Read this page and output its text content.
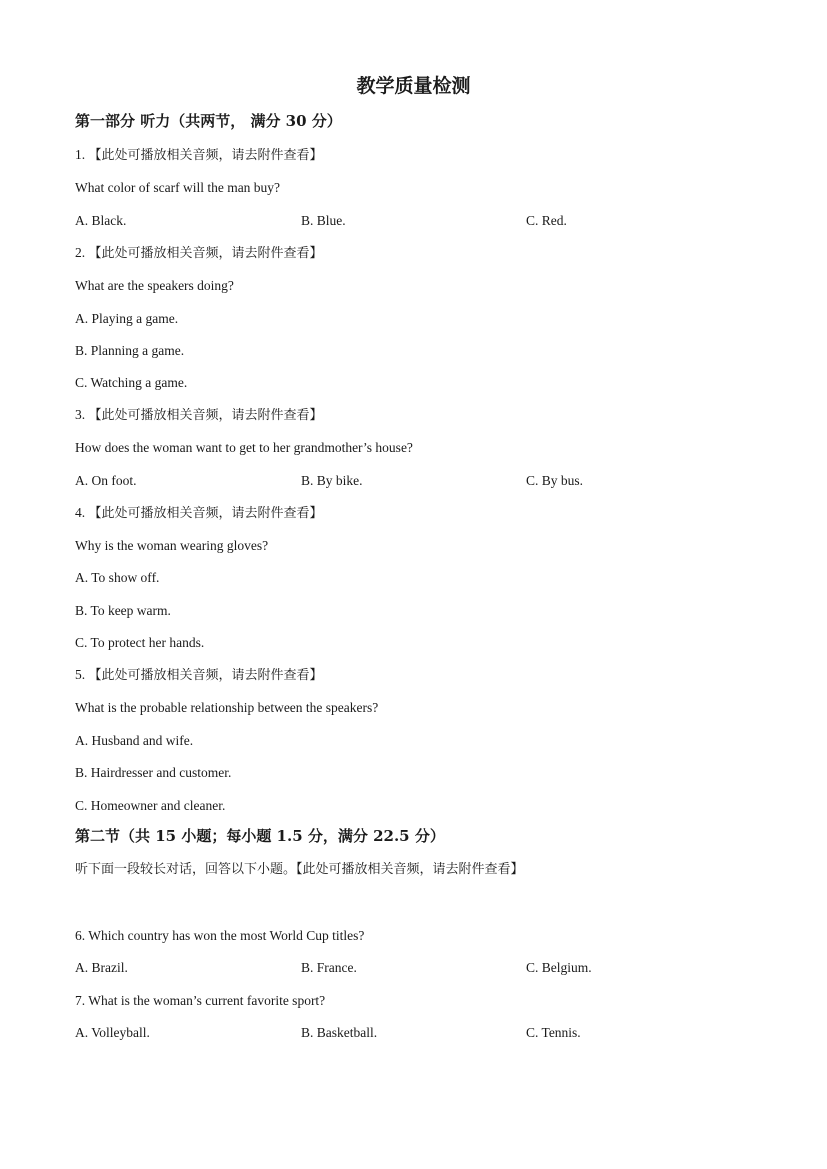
教学质量检测
第一部分 听力（共两节， 满分 30 分）
1. 【此处可播放相关音频，请去附件查看】
What color of scarf will the man buy?
A. Black.	B. Blue.	C. Red.
2. 【此处可播放相关音频，请去附件查看】
What are the speakers doing?
A. Playing a game.
B. Planning a game.
C. Watching a game.
3. 【此处可播放相关音频，请去附件查看】
How does the woman want to get to her grandmother’s house?
A. On foot.	B. By bike.	C. By bus.
4. 【此处可播放相关音频，请去附件查看】
Why is the woman wearing gloves?
A. To show off.
B. To keep warm.
C. To protect her hands.
5. 【此处可播放相关音频，请去附件查看】
What is the probable relationship between the speakers?
A. Husband and wife.
B. Hairdresser and customer.
C. Homeowner and cleaner.
第二节（共 15 小题；每小题 1.5 分，满分 22.5 分）
听下面一段较长对话，回答以下小题。【此处可播放相关音频，请去附件查看】
6. Which country has won the most World Cup titles?
A. Brazil.	B. France.	C. Belgium.
7. What is the woman’s current favorite sport?
A. Volleyball.	B. Basketball.	C. Tennis.
